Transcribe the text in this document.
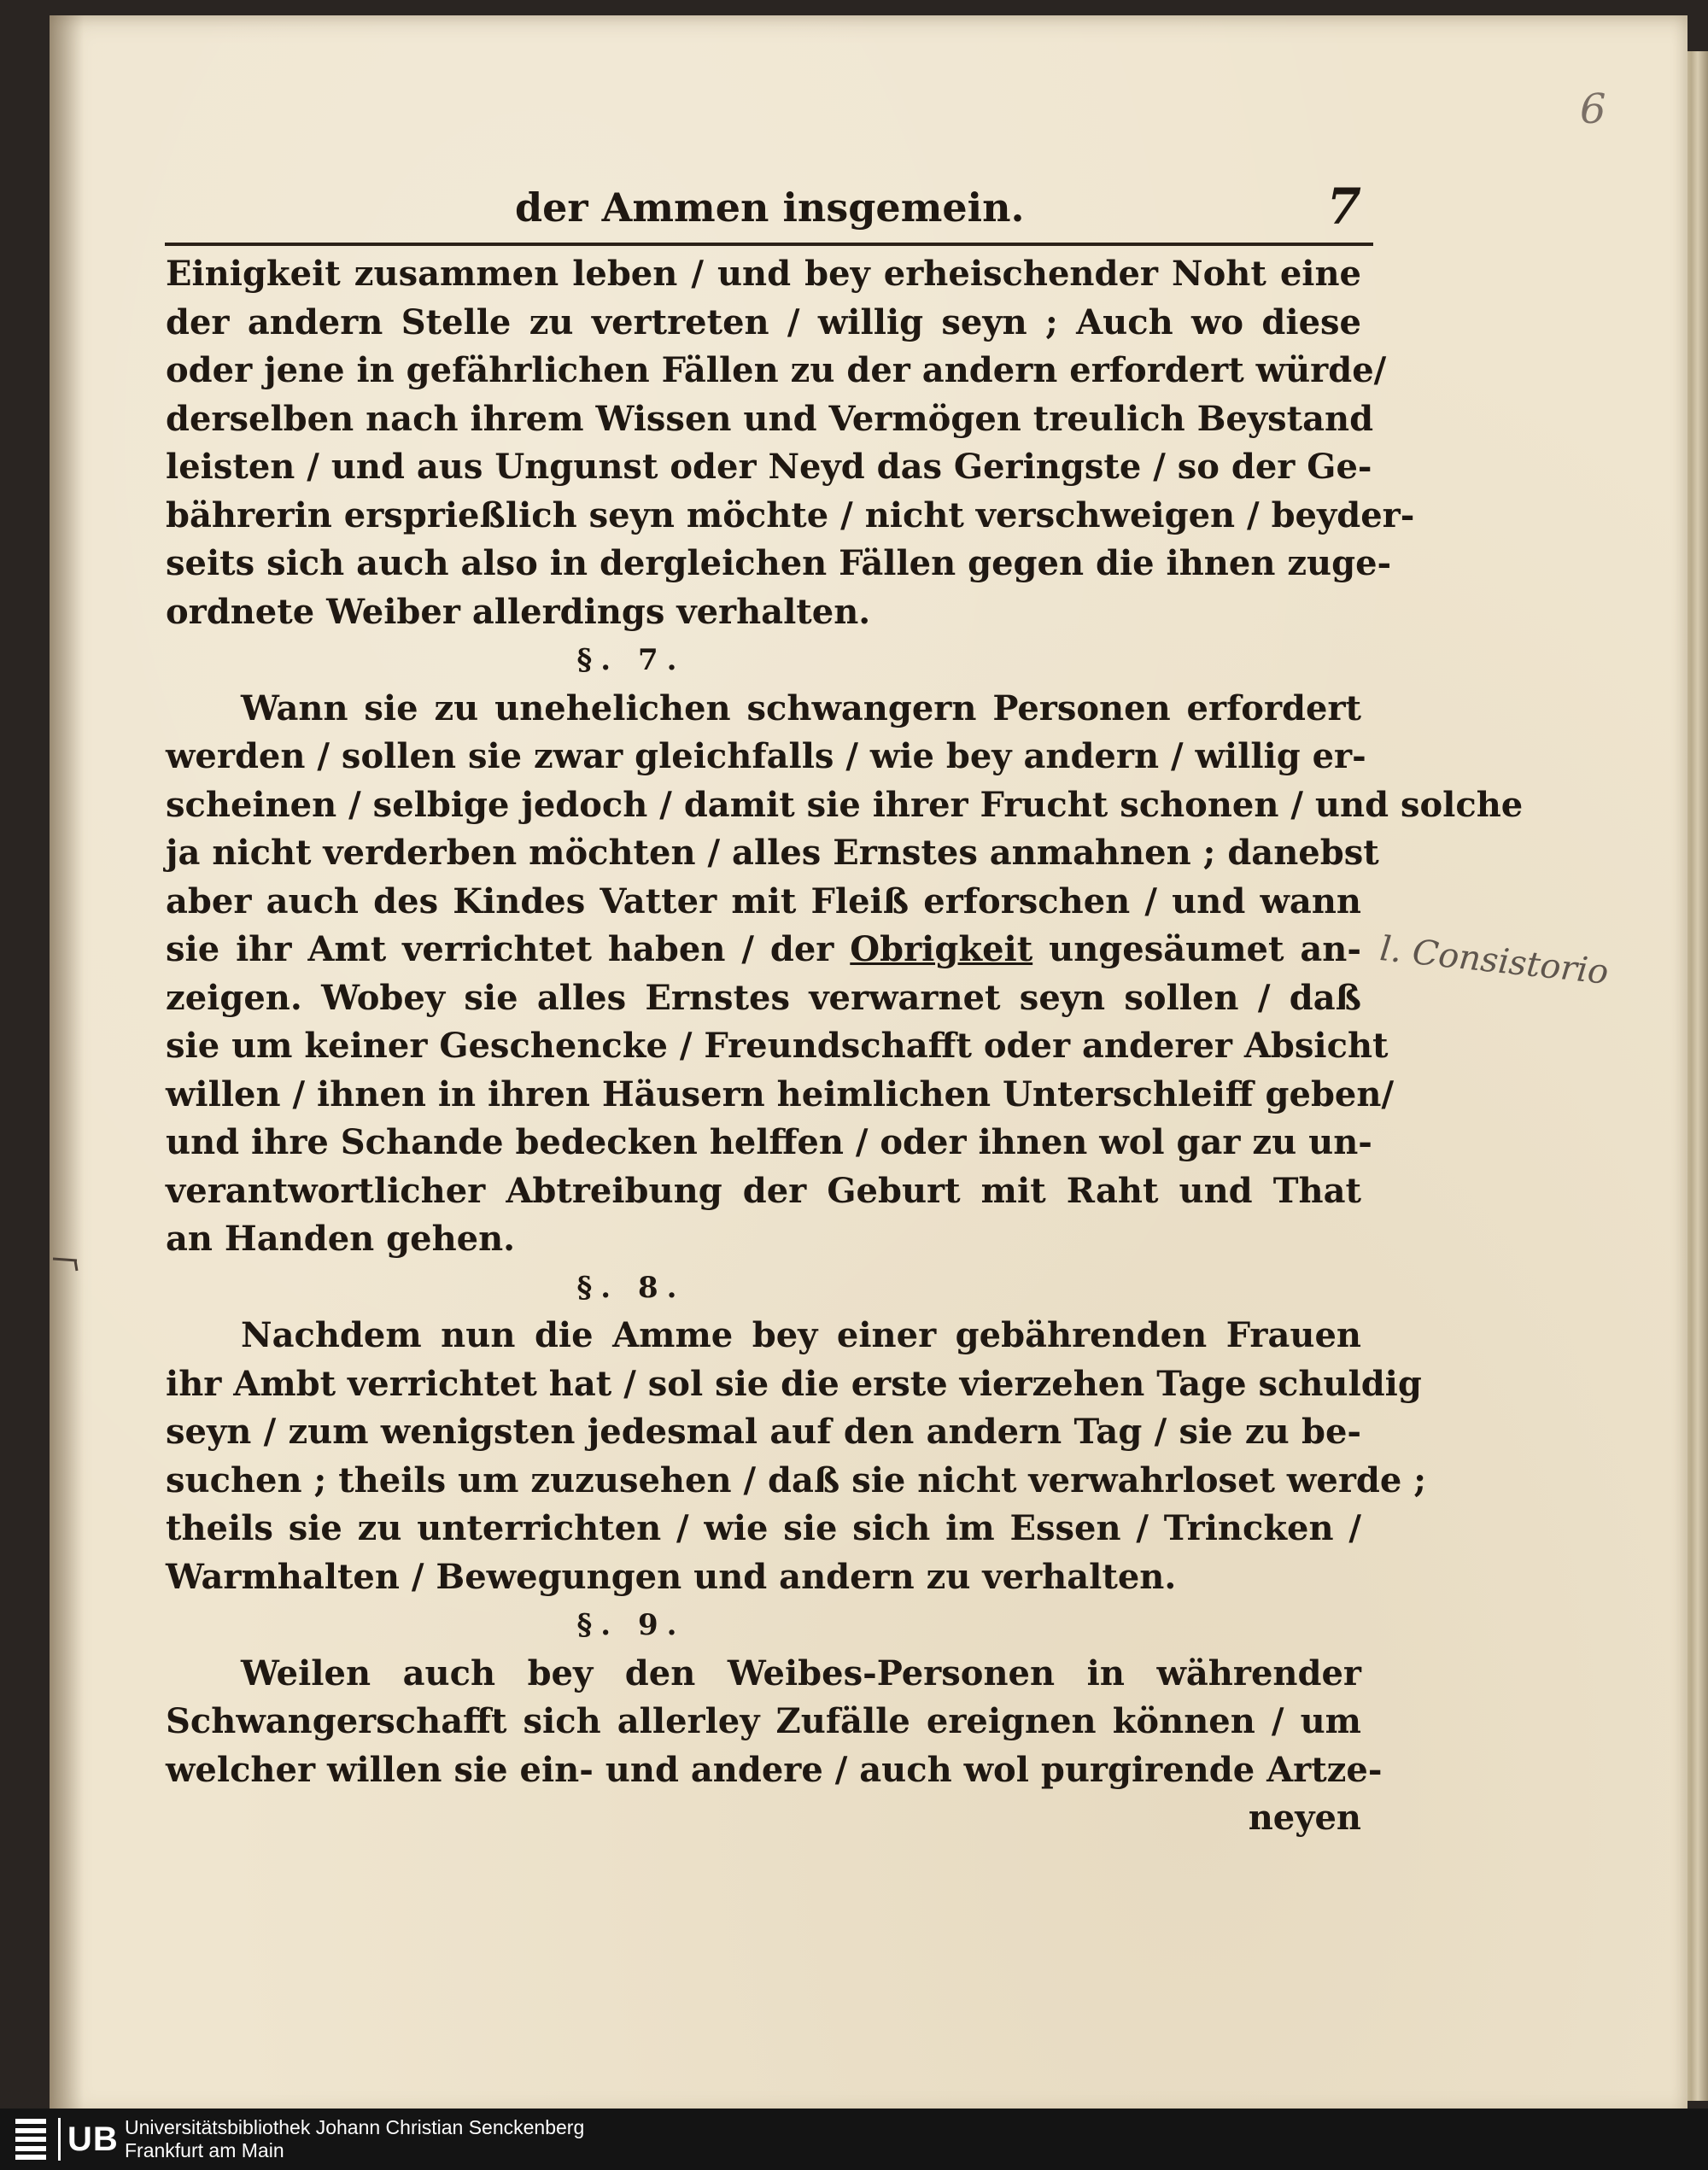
6
der Ammen insgemein.	7
Einigkeit zusammen leben / und bey erheischender Noht eine
der andern Stelle zu vertreten / willig seyn ; Auch wo diese
oder jene in gefährlichen Fällen zu der andern erfordert würde/
derselben nach ihrem Wissen und Vermögen treulich Beystand
leisten / und aus Ungunst oder Neyd das Geringste / so der Ge-
bährerin ersprießlich seyn möchte / nicht verschweigen / beyder-
seits sich auch also in dergleichen Fällen gegen die ihnen zuge-
ordnete Weiber allerdings verhalten.
§. 7.
Wann sie zu unehelichen schwangern Personen erfordert
werden / sollen sie zwar gleichfalls / wie bey andern / willig er-
scheinen / selbige jedoch / damit sie ihrer Frucht schonen / und solche
ja nicht verderben möchten / alles Ernstes anmahnen ; danebst
aber auch des Kindes Vatter mit Fleiß erforschen / und wann
sie ihr Amt verrichtet haben / der Obrigkeit ungesäumet an-
zeigen. Wobey sie alles Ernstes verwarnet seyn sollen / daß
sie um keiner Geschencke / Freundschafft oder anderer Absicht
willen / ihnen in ihren Häusern heimlichen Unterschleiff geben/
und ihre Schande bedecken helffen / oder ihnen wol gar zu un-
verantwortlicher Abtreibung der Geburt mit Raht und That
an Handen gehen.
§. 8.
Nachdem nun die Amme bey einer gebährenden Frauen
ihr Ambt verrichtet hat / sol sie die erste vierzehen Tage schuldig
seyn / zum wenigsten jedesmal auf den andern Tag / sie zu be-
suchen ; theils um zuzusehen / daß sie nicht verwahrloset werde ;
theils sie zu unterrichten / wie sie sich im Essen / Trincken /
Warmhalten / Bewegungen und andern zu verhalten.
§. 9.
Weilen auch bey den Weibes-Personen in währender
Schwangerschafft sich allerley Zufälle ereignen können / um
welcher willen sie ein- und andere / auch wol purgirende Artze-
neyen
l. Consistorio
UB Universitätsbibliothek Johann Christian Senckenberg
Frankfurt am Main
